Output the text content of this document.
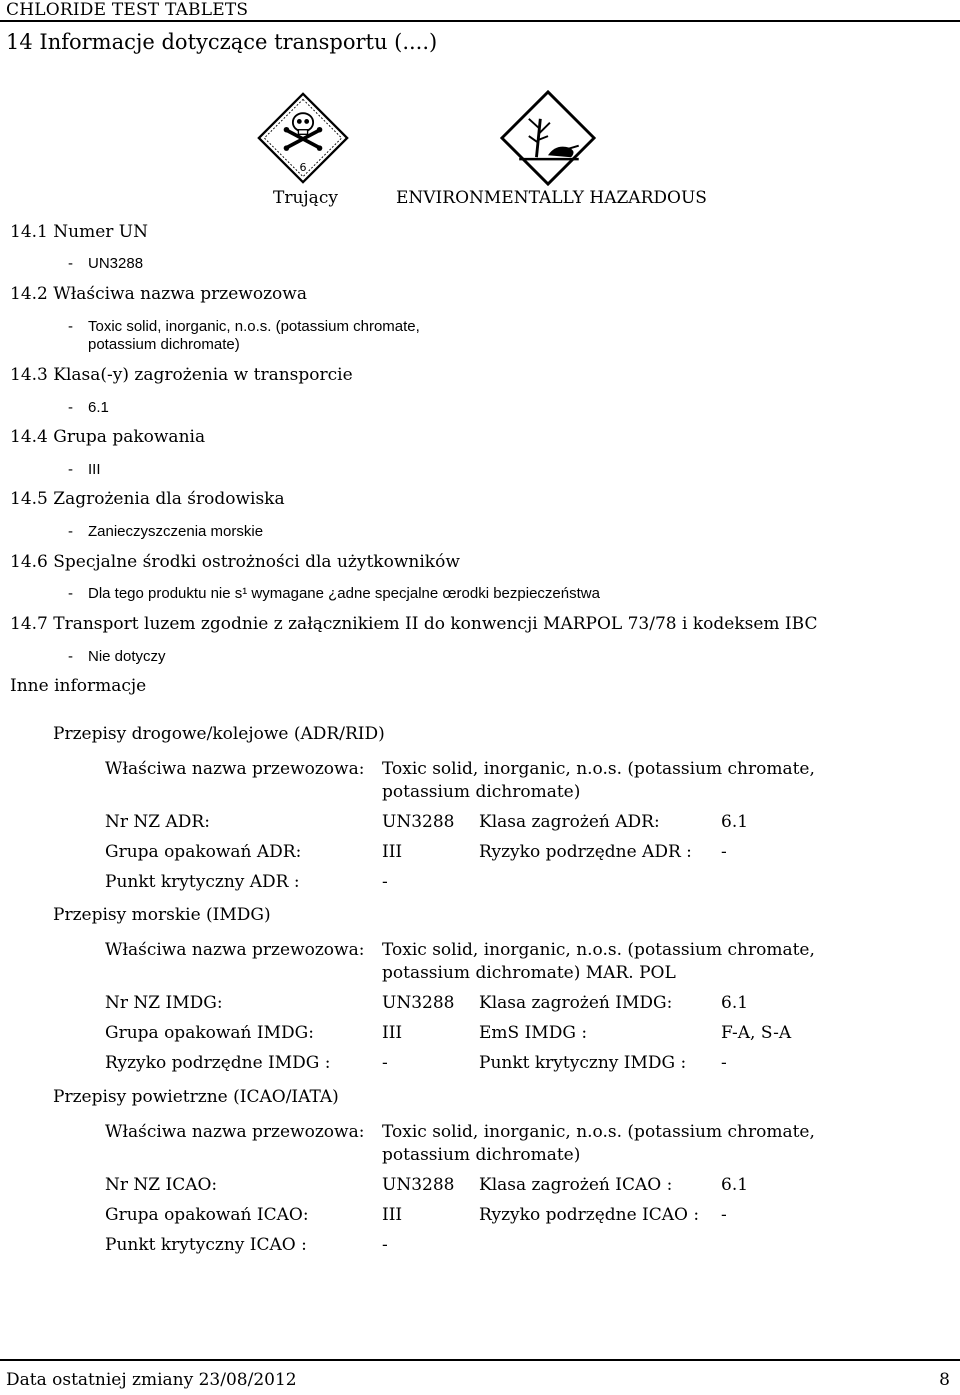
CHLORIDE TEST TABLETS
14 Informacje dotyczące transportu (....)
6
Trujący	ENVIRONMENTALLY HAZARDOUS
14.1 Numer UN
- UN3288
14.2 Właściwa nazwa przewozowa
- Toxic solid, inorganic, n.o.s. (potassium chromate,
potassium dichromate)
14.3 Klasa(-y) zagrożenia w transporcie
- 6.1
14.4 Grupa pakowania
- III
14.5 Zagrożenia dla środowiska
- Zanieczyszczenia morskie
14.6 Specjalne środki ostrożności dla użytkowników
- Dla tego produktu nie s¹ wymagane ¿adne specjalne œrodki bezpieczeństwa
14.7 Transport luzem zgodnie z załącznikiem II do konwencji MARPOL 73/78 i kodeksem IBC
- Nie dotyczy
Inne informacje
Przepisy drogowe/kolejowe (ADR/RID)
Właściwa nazwa przewozowa: Toxic solid, inorganic, n.o.s. (potassium chromate,
potassium dichromate)
Nr NZ ADR:	UN3288 Klasa zagrożeń ADR:	6.1
Grupa opakowań ADR:	III	Ryzyko podrzędne ADR : -
Punkt krytyczny ADR :	-
Przepisy morskie (IMDG)
Właściwa nazwa przewozowa: Toxic solid, inorganic, n.o.s. (potassium chromate,
potassium dichromate) MAR. POL
Nr NZ IMDG:	UN3288 Klasa zagrożeń IMDG:	6.1
Grupa opakowań IMDG:	III	EmS IMDG :	F-A, S-A
Ryzyko podrzędne IMDG :	-	Punkt krytyczny IMDG : -
Przepisy powietrzne (ICAO/IATA)
Właściwa nazwa przewozowa: Toxic solid, inorganic, n.o.s. (potassium chromate,
potassium dichromate)
Nr NZ ICAO:	UN3288 Klasa zagrożeń ICAO :	6.1
Grupa opakowań ICAO:	III	Ryzyko podrzędne ICAO : -
Punkt krytyczny ICAO :	-
Data ostatniej zmiany 23/08/2012	8
